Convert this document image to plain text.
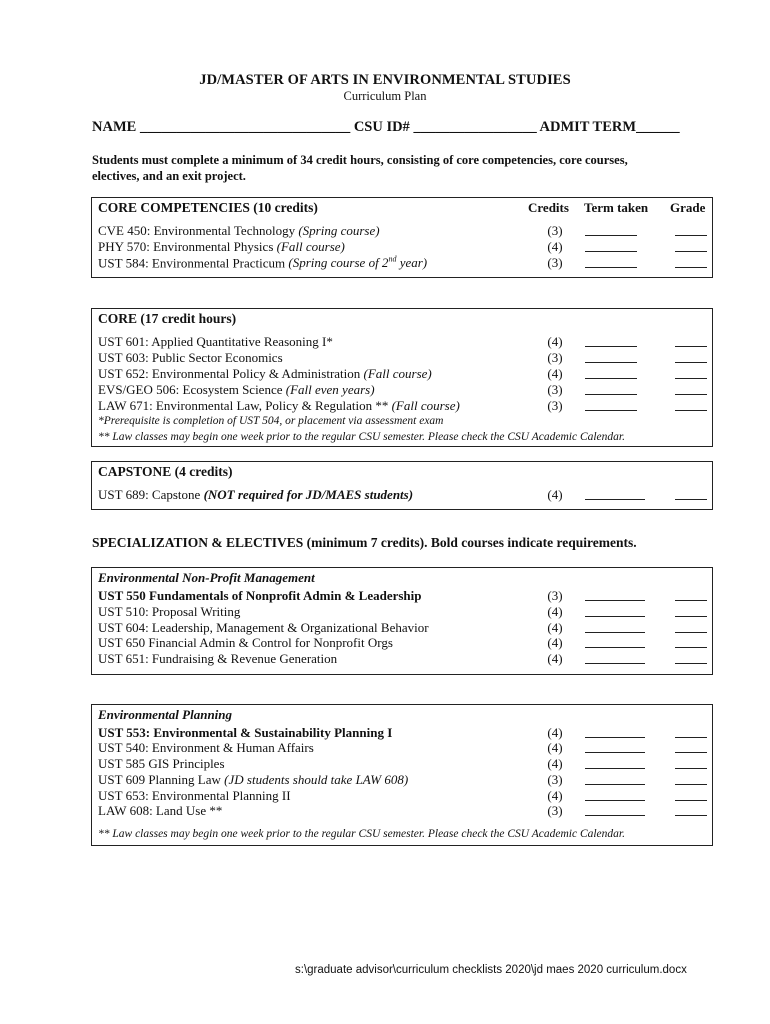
JD/MASTER OF ARTS IN ENVIRONMENTAL STUDIES
Curriculum Plan
NAME _____________________________ CSU ID# _________________ ADMIT TERM______
Students must complete a minimum of 34 credit hours, consisting of core competencies, core courses, electives, and an exit project.
CORE COMPETENCIES (10 credits)	Credits Term taken Grade
CVE 450: Environmental Technology (Spring course)	(3)
PHY 570: Environmental Physics (Fall course)	(4)
UST 584: Environmental Practicum (Spring course of 2nd year)	(3)
CORE (17 credit hours)
UST 601: Applied Quantitative Reasoning I*	(4)
UST 603: Public Sector Economics	(3)
UST 652: Environmental Policy & Administration (Fall course)	(4)
EVS/GEO 506: Ecosystem Science (Fall even years)	(3)
LAW 671: Environmental Law, Policy & Regulation ** (Fall course)	(3)
*Prerequisite is completion of UST 504, or placement via assessment exam
** Law classes may begin one week prior to the regular CSU semester. Please check the CSU Academic Calendar.
CAPSTONE (4 credits)
UST 689: Capstone (NOT required for JD/MAES students)	(4)
SPECIALIZATION & ELECTIVES (minimum 7 credits). Bold courses indicate requirements.
Environmental Non-Profit Management
UST 550 Fundamentals of Nonprofit Admin & Leadership	(3)
UST 510: Proposal Writing	(4)
UST 604: Leadership, Management & Organizational Behavior	(4)
UST 650 Financial Admin & Control for Nonprofit Orgs	(4)
UST 651: Fundraising & Revenue Generation	(4)
Environmental Planning
UST 553: Environmental & Sustainability Planning I	(4)
UST 540: Environment & Human Affairs	(4)
UST 585 GIS Principles	(4)
UST 609 Planning Law (JD students should take LAW 608)	(3)
UST 653: Environmental Planning II	(4)
LAW 608: Land Use **	(3)
** Law classes may begin one week prior to the regular CSU semester. Please check the CSU Academic Calendar.
s:\graduate advisor\curriculum checklists 2020\jd maes 2020 curriculum.docx
